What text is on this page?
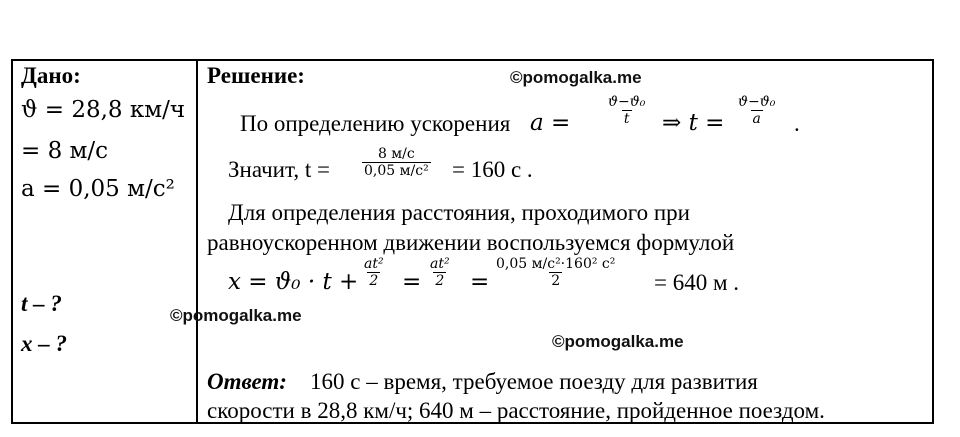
©pomogalka.me
©pomogalka.me
©pomogalka.me
Дано:
ϑ = 28,8 км/ч
= 8 м/с
a = 0,05 м/с²
t – ?
x – ?
Решение:
По определению ускорения a =	$\frac{\text{ϑ−ϑ₀}}{t}$ ⇒ $t = \frac{\text{ϑ−ϑ₀}}{a}$ .
Значит, t =
8 м/с
0,05 м/с² = 160 с .
Для определения расстояния, проходимого при
равноускоренном движении воспользуемся формулой
$x = ϑ_0 \cdot t + \frac{\text{at²}}{2} = \frac{\text{at²}}{2}$ =
0,05 м/с²·160² с²
2	= 640 м .
Ответ: 160 с – время, требуемое поезду для развития
скорости в 28,8 км/ч; 640 м – расстояние, пройденное поездом.
